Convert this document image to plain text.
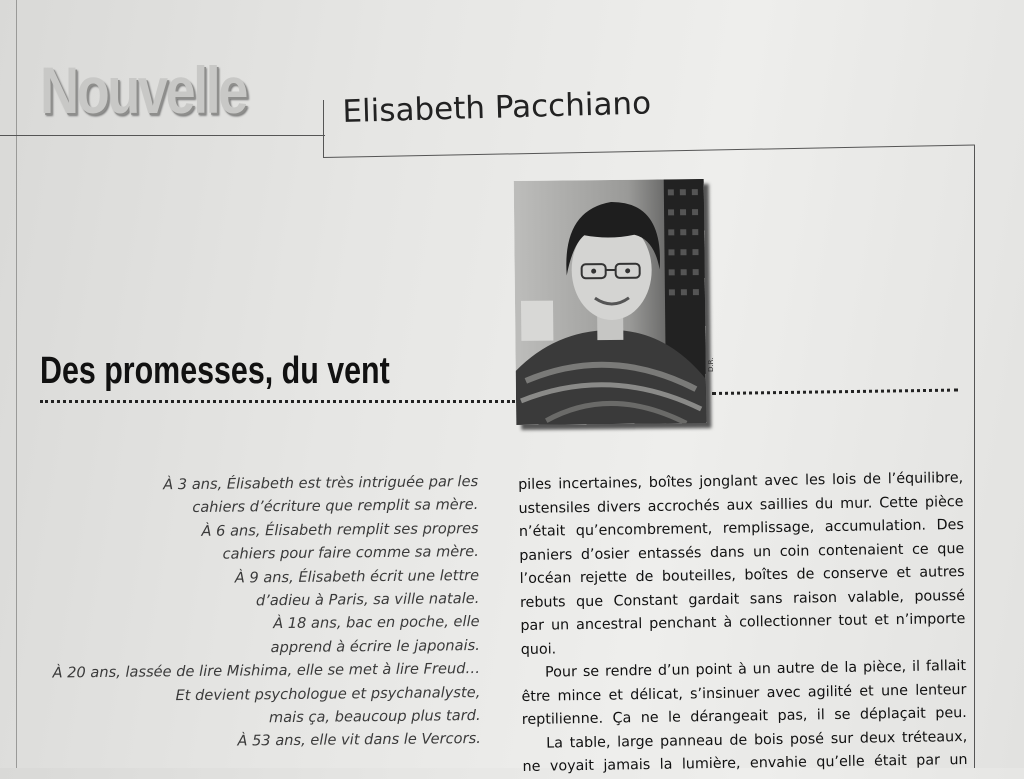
Nouvelle	Elisabeth Pacchiano
D.R.
Des promesses, du vent
À 3 ans, Élisabeth est très intriguée par les
cahiers d’écriture que remplit sa mère.
À 6 ans, Élisabeth remplit ses propres
cahiers pour faire comme sa mère.
À 9 ans, Élisabeth écrit une lettre
d’adieu à Paris, sa ville natale.
À 18 ans, bac en poche, elle
apprend à écrire le japonais.
À 20 ans, lassée de lire Mishima, elle se met à lire Freud…
Et devient psychologue et psychanalyste,
mais ça, beaucoup plus tard.
À 53 ans, elle vit dans le Vercors.
piles incertaines, boîtes jonglant avec les lois de l’équilibre,
ustensiles divers accrochés aux saillies du mur. Cette pièce
n’était qu’encombrement, remplissage, accumulation. Des
paniers d’osier entassés dans un coin contenaient ce que
l’océan rejette de bouteilles, boîtes de conserve et autres
rebuts que Constant gardait sans raison valable, poussé
par un ancestral penchant à collectionner tout et n’importe
quoi.
Pour se rendre d’un point à un autre de la pièce, il fallait
être mince et délicat, s’insinuer avec agilité et une lenteur
reptilienne. Ça ne le dérangeait pas, il se déplaçait peu.
La table, large panneau de bois posé sur deux tréteaux,
ne voyait jamais la lumière, envahie qu’elle était par un
